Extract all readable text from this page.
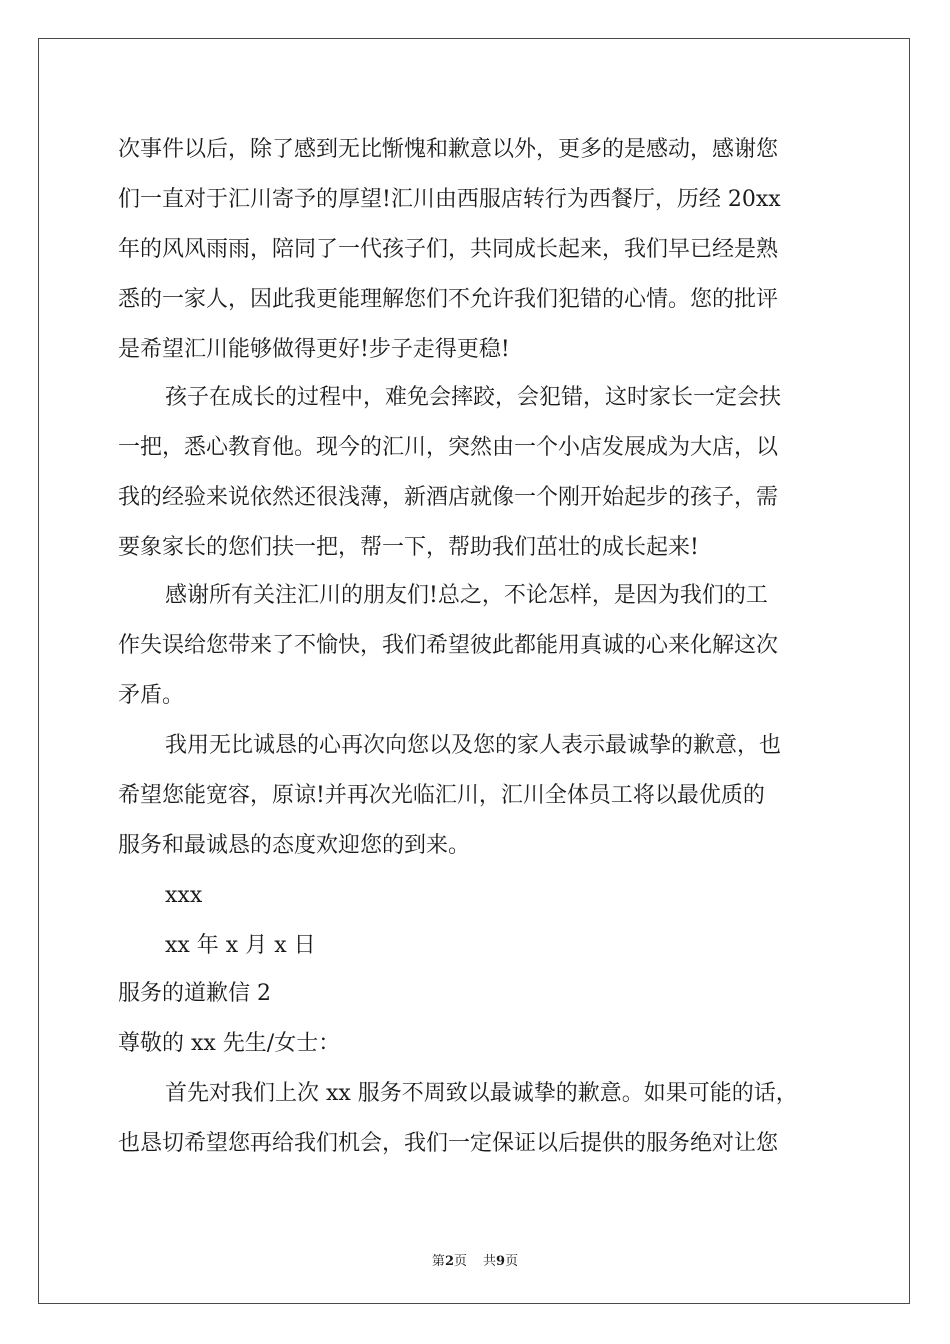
次事件以后，除了感到无比惭愧和歉意以外，更多的是感动，感谢您
们一直对于汇川寄予的厚望!汇川由西服店转行为西餐厅，历经 20xx
年的风风雨雨，陪同了一代孩子们，共同成长起来，我们早已经是熟
悉的一家人，因此我更能理解您们不允许我们犯错的心情。您的批评
是希望汇川能够做得更好!步子走得更稳!
孩子在成长的过程中，难免会摔跤，会犯错，这时家长一定会扶
一把，悉心教育他。现今的汇川，突然由一个小店发展成为大店，以
我的经验来说依然还很浅薄，新酒店就像一个刚开始起步的孩子，需
要象家长的您们扶一把，帮一下，帮助我们茁壮的成长起来!
感谢所有关注汇川的朋友们!总之，不论怎样，是因为我们的工
作失误给您带来了不愉快，我们希望彼此都能用真诚的心来化解这次
矛盾。
我用无比诚恳的心再次向您以及您的家人表示最诚挚的歉意，也
希望您能宽容，原谅!并再次光临汇川，汇川全体员工将以最优质的
服务和最诚恳的态度欢迎您的到来。
xxx
xx 年 x 月 x 日
服务的道歉信 2
尊敬的 xx 先生/女士：
首先对我们上次 xx 服务不周致以最诚挚的歉意。如果可能的话，
也恳切希望您再给我们机会，我们一定保证以后提供的服务绝对让您
第2页 共9页
